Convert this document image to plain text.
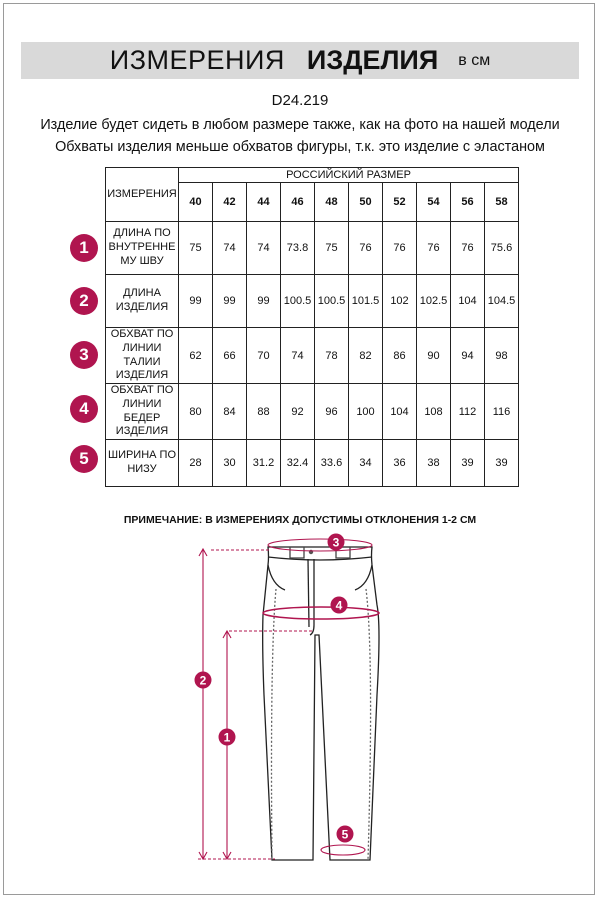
ИЗМЕРЕНИЯ ИЗДЕЛИЯ в см
D24.219
Изделие будет сидеть в любом размере также, как на фото на нашей модели
Обхваты изделия меньше обхватов фигуры, т.к. это изделие с эластаном
ИЗМЕРЕНИЯ	РОССИЙСКИЙ РАЗМЕР									
	40	42	44	46	48	50	52	54	56	58
ДЛИНА ПО
ВНУТРЕННЕ
МУ ШВУ	75	74	74	73.8	75	76	76	76	76	75.6
ДЛИНА
ИЗДЕЛИЯ	99	99	99	100.5	100.5	101.5	102	102.5	104	104.5
ОБХВАТ ПО
ЛИНИИ
ТАЛИИ
ИЗДЕЛИЯ	62	66	70	74	78	82	86	90	94	98
ОБХВАТ ПО
ЛИНИИ
БЕДЕР
ИЗДЕЛИЯ	80	84	88	92	96	100	104	108	112	116
ШИРИНА ПО
НИЗУ	28	30	31.2	32.4	33.6	34	36	38	39	39
1
2
3
4
5
ПРИМЕЧАНИЕ: В ИЗМЕРЕНИЯХ ДОПУСТИМЫ ОТКЛОНЕНИЯ 1-2 СМ
2
1
3
4
5
